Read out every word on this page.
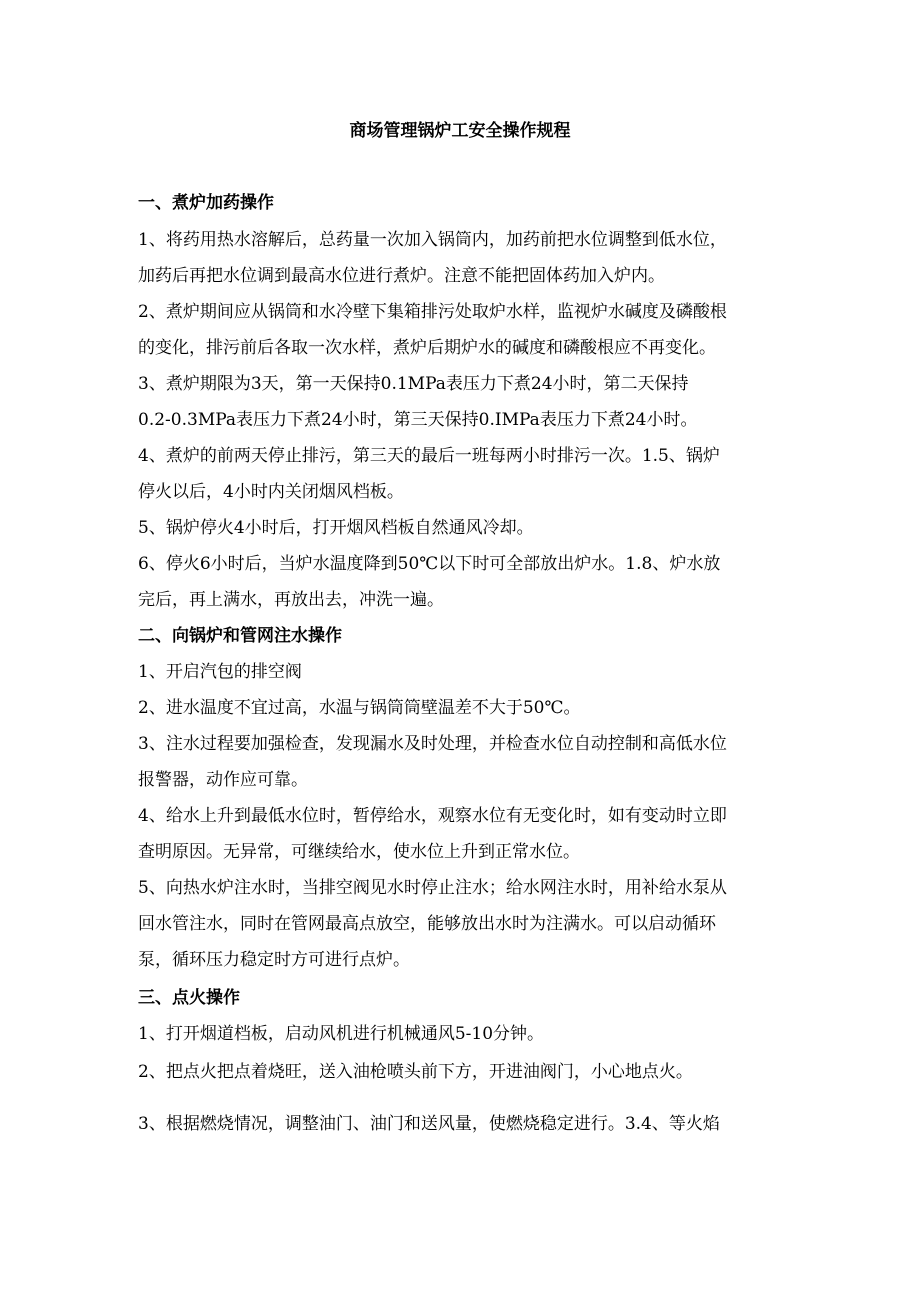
商场管理锅炉工安全操作规程
一、煮炉加药操作
1、将药用热水溶解后，总药量一次加入锅筒内，加药前把水位调整到低水位，
加药后再把水位调到最高水位进行煮炉。注意不能把固体药加入炉内。
2、煮炉期间应从锅筒和水冷壁下集箱排污处取炉水样，监视炉水碱度及磷酸根
的变化，排污前后各取一次水样，煮炉后期炉水的碱度和磷酸根应不再变化。
3、煮炉期限为3天，第一天保持0.1MPa表压力下煮24小时，第二天保持
0.2-0.3MPa表压力下煮24小时，第三天保持0.IMPa表压力下煮24小时。
4、煮炉的前两天停止排污，第三天的最后一班每两小时排污一次。1.5、锅炉
停火以后，4小时内关闭烟风档板。
5、锅炉停火4小时后，打开烟风档板自然通风冷却。
6、停火6小时后，当炉水温度降到50℃以下时可全部放出炉水。1.8、炉水放
完后，再上满水，再放出去，冲洗一遍。
二、向锅炉和管网注水操作
1、开启汽包的排空阀
2、进水温度不宜过高，水温与锅筒筒壁温差不大于50℃。
3、注水过程要加强检查，发现漏水及时处理，并检查水位自动控制和高低水位
报警器，动作应可靠。
4、给水上升到最低水位时，暂停给水，观察水位有无变化时，如有变动时立即
查明原因。无异常，可继续给水，使水位上升到正常水位。
5、向热水炉注水时，当排空阀见水时停止注水；给水网注水时，用补给水泵从
回水管注水，同时在管网最高点放空，能够放出水时为注满水。可以启动循环
泵，循环压力稳定时方可进行点炉。
三、点火操作
1、打开烟道档板，启动风机进行机械通风5-10分钟。
2、把点火把点着烧旺，送入油枪喷头前下方，开进油阀门，小心地点火。
3、根据燃烧情况，调整油门、油门和送风量，使燃烧稳定进行。3.4、等火焰
